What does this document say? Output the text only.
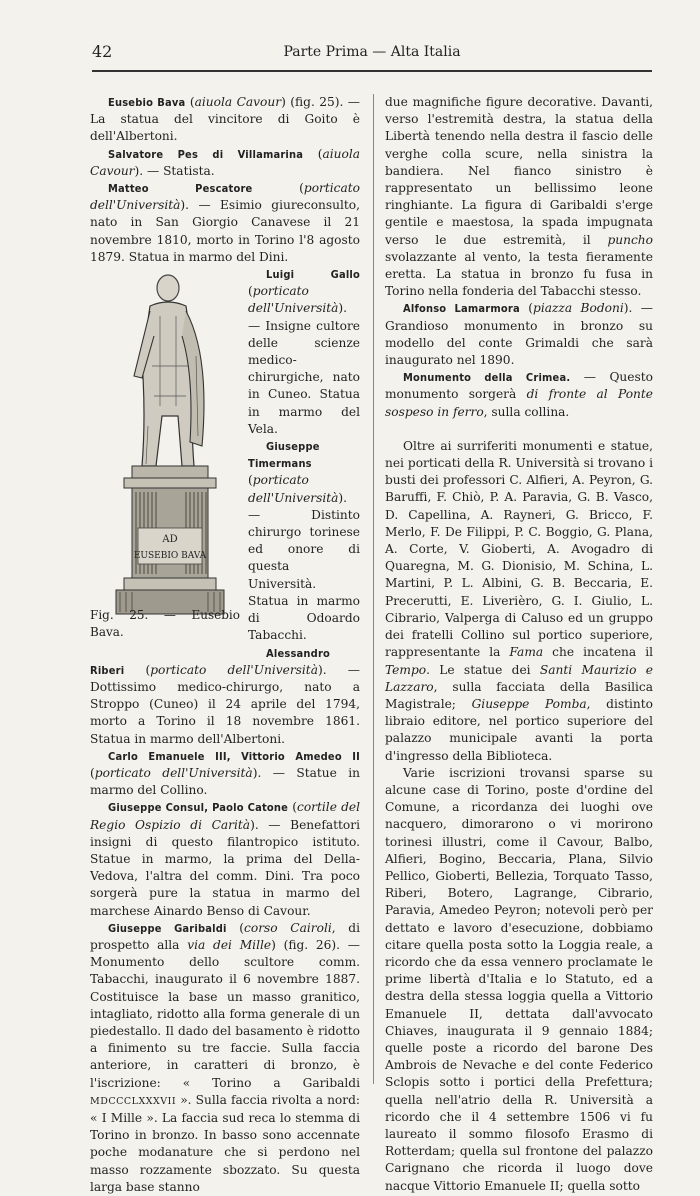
42	Parte Prima — Alta Italia

Eusebio Bava (aiuola Cavour) (fig. 25). — La statua del vincitore di Goito è dell'Albertoni.

Salvatore Pes di Villamarina (aiuola Cavour). — Statista.

Matteo Pescatore (porticato dell'Università). — Esimio giureconsulto, nato in San Giorgio Canavese il 21 novembre 1810, morto in Torino l'8 agosto 1879. Statua in marmo del Dini.

AD
EUSEBIO BAVA
Fig. 25. — Eusebio Bava.

Luigi Gallo (porticato dell'Università). — Insigne cultore delle scienze medico-chirurgiche, nato in Cuneo. Statua in marmo del Vela.

Giuseppe Timermans (porticato dell'Università). — Distinto chirurgo torinese ed onore di questa Università. Statua in marmo di Odoardo Tabacchi.

Alessandro Riberi (porticato dell'Università). — Dottissimo medico-chirurgo, nato a Stroppo (Cuneo) il 24 aprile del 1794, morto a Torino il 18 novembre 1861. Statua in marmo dell'Albertoni.

Carlo Emanuele III, Vittorio Amedeo II (porticato dell'Università). — Statue in marmo del Collino.

Giuseppe Consul, Paolo Catone (cortile del Regio Ospizio di Carità). — Benefattori insigni di questo filantropico istituto. Statue in marmo, la prima del Della-Vedova, l'altra del comm. Dini. Tra poco sorgerà pure la statua in marmo del marchese Ainardo Benso di Cavour.

Giuseppe Garibaldi (corso Cairoli, di prospetto alla via dei Mille) (fig. 26). — Monumento dello scultore comm. Tabacchi, inaugurato il 6 novembre 1887. Costituisce la base un masso granitico, intagliato, ridotto alla forma generale di un piedestallo. Il dado del basamento è ridotto a finimento su tre faccie. Sulla faccia anteriore, in caratteri di bronzo, è l'iscrizione: « Torino a Garibaldi MDCCCLXXXVII ». Sulla faccia rivolta a nord: « I Mille ». La faccia sud reca lo stemma di Torino in bronzo. In basso sono accennate poche modanature che si perdono nel masso rozzamente sbozzato. Su questa larga base stanno

due magnifiche figure decorative. Davanti, verso l'estremità destra, la statua della Libertà tenendo nella destra il fascio delle verghe colla scure, nella sinistra la bandiera. Nel fianco sinistro è rappresentato un bellissimo leone ringhiante. La figura di Garibaldi s'erge gentile e maestosa, la spada impugnata verso le due estremità, il puncho svolazzante al vento, la testa fieramente eretta. La statua in bronzo fu fusa in Torino nella fonderia del Tabacchi stesso.

Alfonso Lamarmora (piazza Bodoni). — Grandioso monumento in bronzo su modello del conte Grimaldi che sarà inaugurato nel 1890.

Monumento della Crimea. — Questo monumento sorgerà di fronte al Ponte sospeso in ferro, sulla collina.

Oltre ai surriferiti monumenti e statue, nei porticati della R. Università si trovano i busti dei professori C. Alfieri, A. Peyron, G. Baruffi, F. Chiò, P. A. Paravia, G. B. Vasco, D. Capellina, A. Rayneri, G. Bricco, F. Merlo, F. De Filippi, P. C. Boggio, G. Plana, A. Corte, V. Gioberti, A. Avogadro di Quaregna, M. G. Dionisio, M. Schina, L. Martini, P. L. Albini, G. B. Beccaria, E. Precerutti, E. Liverièro, G. I. Giulio, L. Cibrario, Valperga di Caluso ed un gruppo dei fratelli Collino sul portico superiore, rappresentante la Fama che incatena il Tempo. Le statue dei Santi Maurizio e Lazzaro, sulla facciata della Basilica Magistrale; Giuseppe Pomba, distinto libraio editore, nel portico superiore del palazzo municipale avanti la porta d'ingresso della Biblioteca.

Varie iscrizioni trovansi sparse su alcune case di Torino, poste d'ordine del Comune, a ricordanza dei luoghi ove nacquero, dimorarono o vi morirono torinesi illustri, come il Cavour, Balbo, Alfieri, Bogino, Beccaria, Plana, Silvio Pellico, Gioberti, Bellezia, Torquato Tasso, Riberi, Botero, Lagrange, Cibrario, Paravia, Amedeo Peyron; notevoli però per dettato e lavoro d'esecuzione, dobbiamo citare quella posta sotto la Loggia reale, a ricordo che da essa vennero proclamate le prime libertà d'Italia e lo Statuto, ed a destra della stessa loggia quella a Vittorio Emanuele II, dettata dall'avvocato Chiaves, inaugurata il 9 gennaio 1884; quelle poste a ricordo del barone Des Ambrois de Nevache e del conte Federico Sclopis sotto i portici della Prefettura; quella nell'atrio della R. Università a ricordo che il 4 settembre 1506 vi fu laureato il sommo filosofo Erasmo di Rotterdam; quella sul frontone del palazzo Carignano che ricorda il luogo dove nacque Vittorio Emanuele II; quella sotto
